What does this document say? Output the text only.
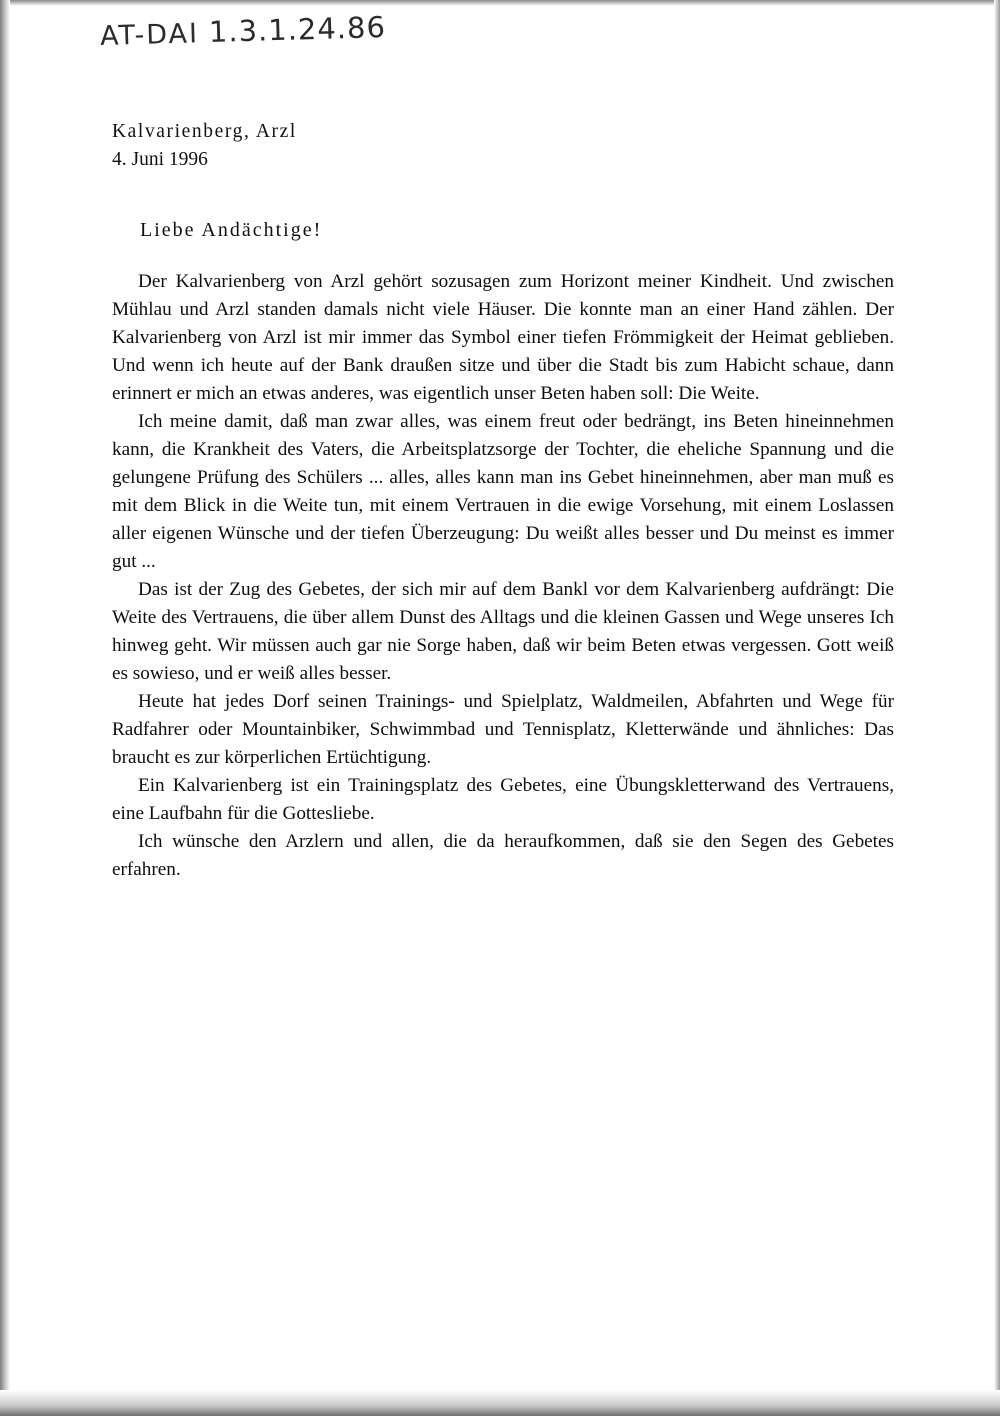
AT-DAI 1.3.1.24.86
Kalvarienberg, Arzl
4. Juni 1996
Liebe Andächtige!

Der Kalvarienberg von Arzl gehört sozusagen zum Horizont meiner Kindheit. Und zwischen Mühlau und Arzl standen damals nicht viele Häuser. Die konnte man an einer Hand zählen. Der Kalvarienberg von Arzl ist mir immer das Symbol einer tiefen Frömmigkeit der Heimat geblieben. Und wenn ich heute auf der Bank draußen sitze und über die Stadt bis zum Habicht schaue, dann erinnert er mich an etwas anderes, was eigentlich unser Beten haben soll: Die Weite.

Ich meine damit, daß man zwar alles, was einem freut oder bedrängt, ins Beten hineinnehmen kann, die Krankheit des Vaters, die Arbeitsplatzsorge der Tochter, die eheliche Spannung und die gelungene Prüfung des Schülers ... alles, alles kann man ins Gebet hineinnehmen, aber man muß es mit dem Blick in die Weite tun, mit einem Vertrauen in die ewige Vorsehung, mit einem Loslassen aller eigenen Wünsche und der tiefen Überzeugung: Du weißt alles besser und Du meinst es immer gut ...

Das ist der Zug des Gebetes, der sich mir auf dem Bankl vor dem Kalvarienberg aufdrängt: Die Weite des Vertrauens, die über allem Dunst des Alltags und die kleinen Gassen und Wege unseres Ich hinweg geht. Wir müssen auch gar nie Sorge haben, daß wir beim Beten etwas vergessen. Gott weiß es sowieso, und er weiß alles besser.

Heute hat jedes Dorf seinen Trainings- und Spielplatz, Waldmeilen, Abfahrten und Wege für Radfahrer oder Mountainbiker, Schwimmbad und Tennisplatz, Kletterwände und ähnliches: Das braucht es zur körperlichen Ertüchtigung.

Ein Kalvarienberg ist ein Trainingsplatz des Gebetes, eine Übungskletterwand des Vertrauens, eine Laufbahn für die Gottesliebe.

Ich wünsche den Arzlern und allen, die da heraufkommen, daß sie den Segen des Gebetes erfahren.
